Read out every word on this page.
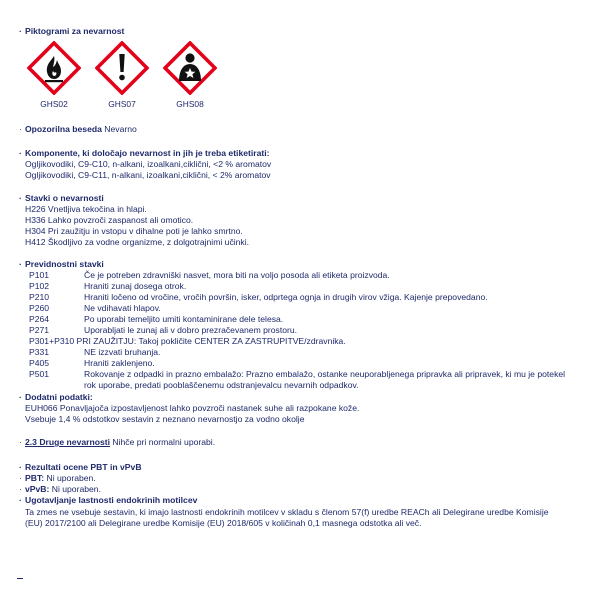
· Piktogrami za nevarnost
GHS02	GHS07	GHS08
· Opozorilna beseda Nevarno
· Komponente, ki določajo nevarnost in jih je treba etiketirati:
Ogljikovodiki, C9-C10, n-alkani, izoalkani,ciklični, <2 % aromatov
Ogljikovodiki, C9-C11, n-alkani, izoalkani,ciklični, < 2% aromatov
· Stavki o nevarnosti
H226 Vnetljiva tekočina in hlapi.
H336 Lahko povzroči zaspanost ali omotico.
H304 Pri zaužitju in vstopu v dihalne poti je lahko smrtno.
H412 Škodljivo za vodne organizme, z dolgotrajnimi učinki.
· Previdnostni stavki
P101	Če je potreben zdravniški nasvet, mora biti na voljo posoda ali etiketa proizvoda.
P102	Hraniti zunaj dosega otrok.
P210	Hraniti ločeno od vročine, vročih površin, isker, odprtega ognja in drugih virov vžiga. Kajenje prepovedano.
P260	Ne vdihavati hlapov.
P264	Po uporabi temeljito umiti kontaminirane dele telesa.
P271	Uporabljati le zunaj ali v dobro prezračevanem prostoru.
P301+P310 PRI ZAUŽITJU: Takoj pokličite CENTER ZA ZASTRUPITVE/zdravnika.
P331	NE izzvati bruhanja.
P405	Hraniti zaklenjeno.
P501	Rokovanje z odpadki in prazno embalažo: Prazno embalažo, ostanke neuporabljenega pripravka ali pripravek, ki mu je potekel
rok uporabe, predati pooblaščenemu odstranjevalcu nevarnih odpadkov.
· Dodatni podatki:
EUH066 Ponavljajoča izpostavljenost lahko povzroči nastanek suhe ali razpokane kože.
Vsebuje 1,4 % odstotkov sestavin z neznano nevarnostjo za vodno okolje
· 2.3 Druge nevarnosti Nihče pri normalni uporabi.
· Rezultati ocene PBT in vPvB
· PBT: Ni uporaben.
· vPvB: Ni uporaben.
· Ugotavljanje lastnosti endokrinih motilcev
Ta zmes ne vsebuje sestavin, ki imajo lastnosti endokrinih motilcev v skladu s členom 57(f) uredbe REACh ali Delegirane uredbe Komisije
(EU) 2017/2100 ali Delegirane uredbe Komisije (EU) 2018/605 v količinah 0,1 masnega odstotka ali več.
